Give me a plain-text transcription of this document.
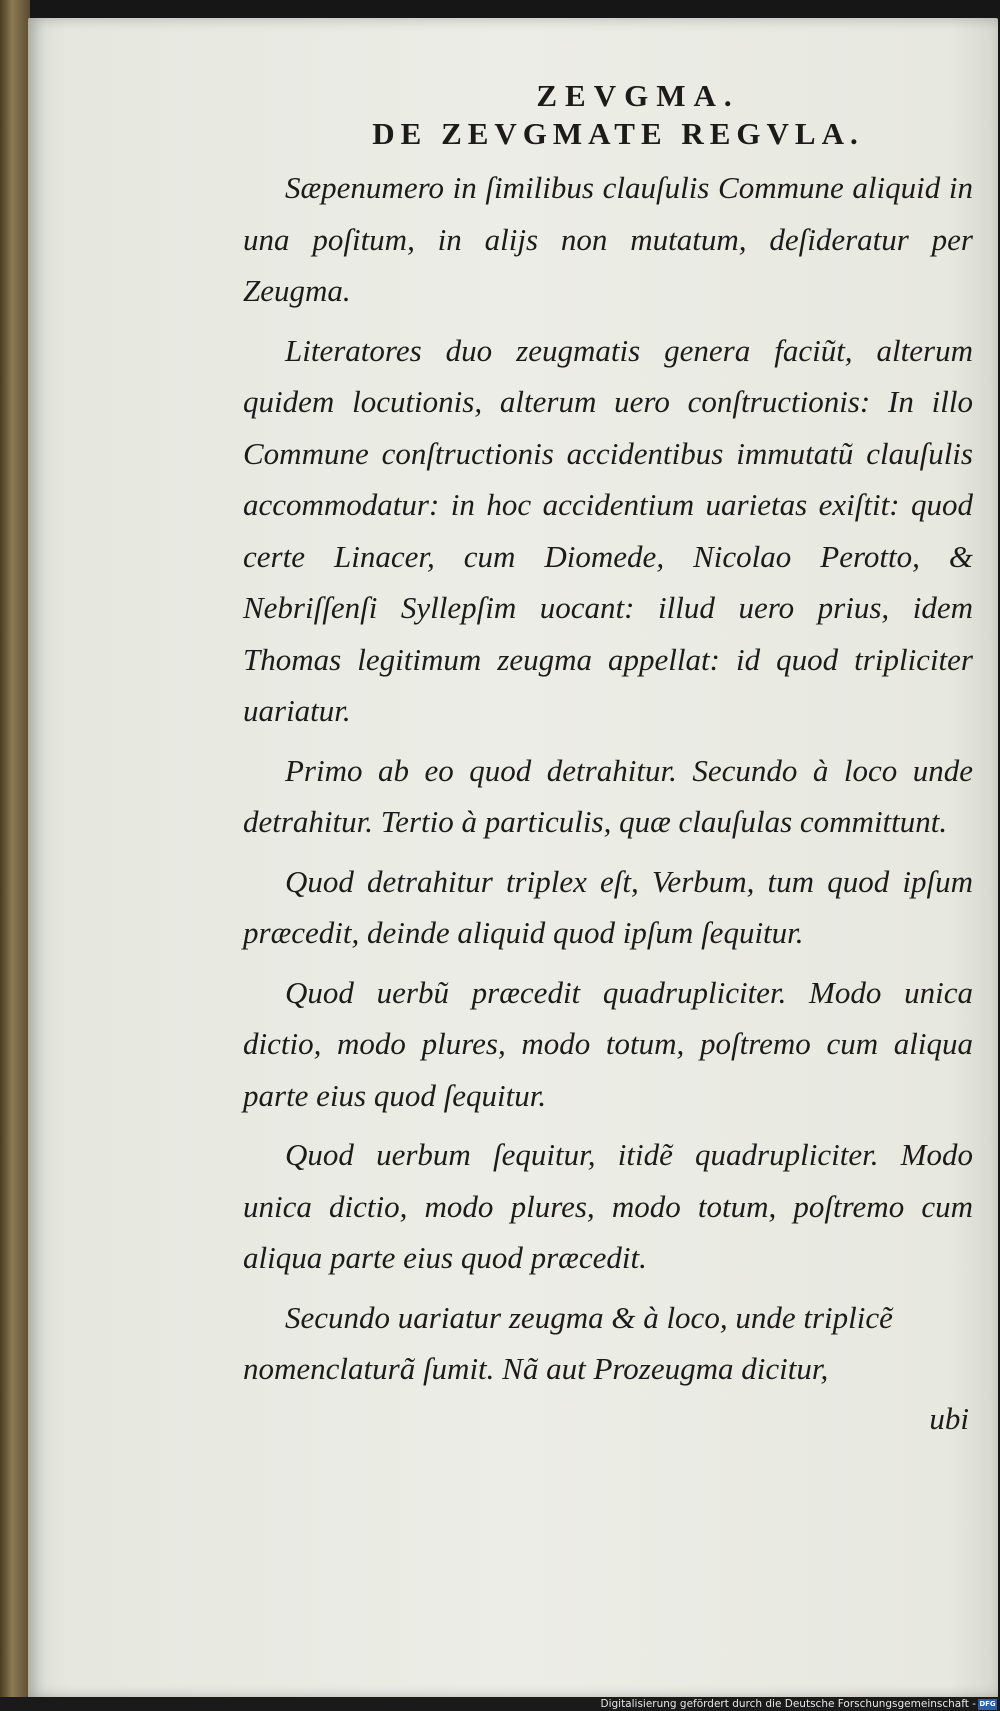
ZEVGMA.
DE ZEVGMATE REGVLA.

Sæpenumero in ſimilibus clauſulis Commune aliquid in una poſitum, in alijs non mutatum, deſideratur per Zeugma.

Literatores duo zeugmatis genera faciũt, alterum quidem locutionis, alterum uero conſtructionis: In illo Commune conſtructionis accidentibus immutatũ clauſulis accommodatur: in hoc accidentium uarietas exiſtit: quod certe Linacer, cum Diomede, Nicolao Perotto, & Nebriſſenſi Syllepſim uocant: illud uero prius, idem Thomas legitimum zeugma appellat: id quod tripliciter uariatur.

Primo ab eo quod detrahitur. Secundo à loco unde detrahitur. Tertio à particulis, quæ clauſulas committunt.

Quod detrahitur triplex eſt, Verbum, tum quod ipſum præcedit, deinde aliquid quod ipſum ſequitur.

Quod uerbũ præcedit quadrupliciter. Modo unica dictio, modo plures, modo totum, poſtremo cum aliqua parte eius quod ſequitur.

Quod uerbum ſequitur, itidẽ quadrupliciter. Modo unica dictio, modo plures, modo totum, poſtremo cum aliqua parte eius quod præcedit.

Secundo uariatur zeugma & à loco, unde triplicẽ nomenclaturã ſumit. Nã aut Prozeugma dicitur,

ubi
Digitalisierung gefördert durch die Deutsche Forschungsgemeinschaft - DFG
